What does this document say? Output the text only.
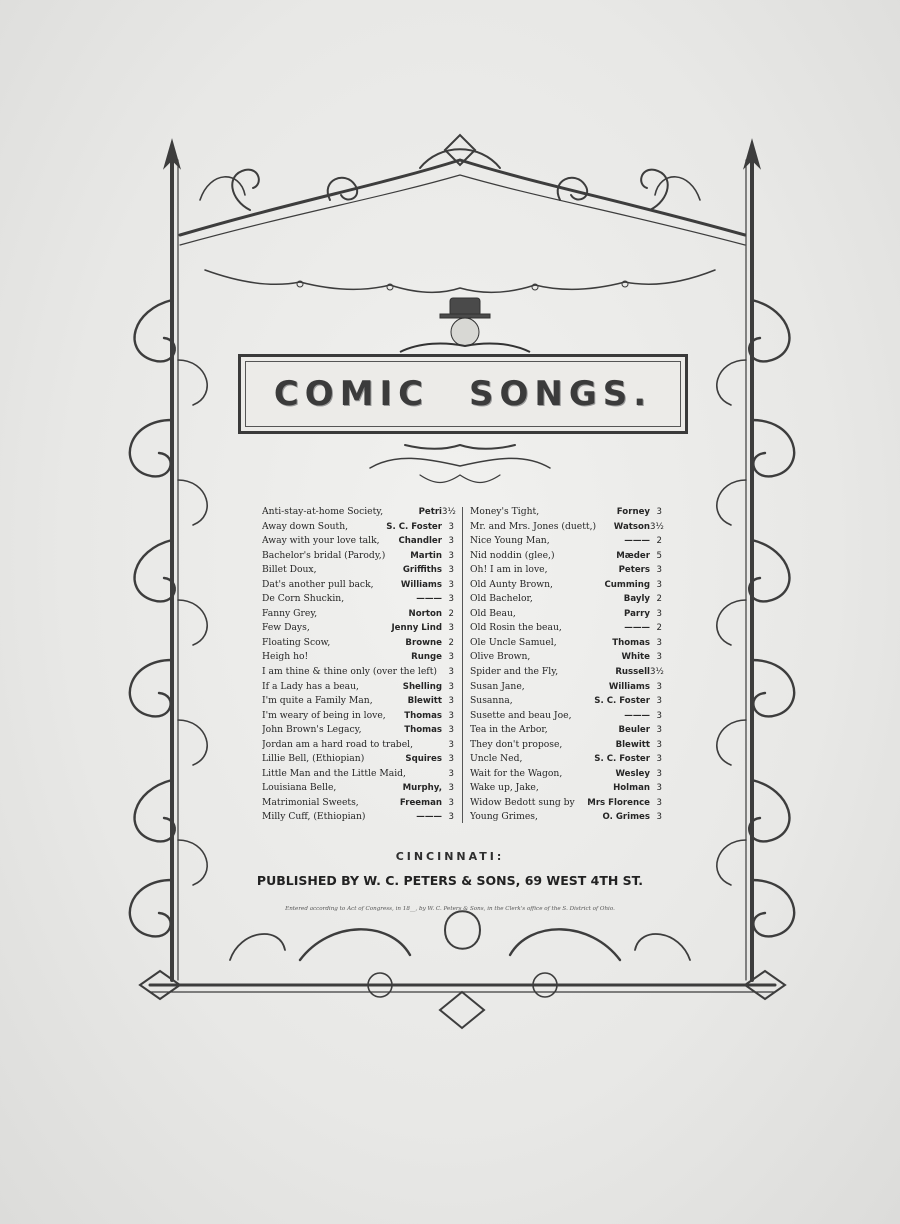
COMIC SONGS.
Anti-stay-at-home Society,	Petri 3½
Away down South,	S. C. Foster 3
Away with your love talk,	Chandler 3
Bachelor's bridal (Parody,)	Martin 3
Billet Doux,	Griffiths 3
Dat's another pull back,	Williams 3
De Corn Shuckin,	——— 3
Fanny Grey,	Norton 2
Few Days,	Jenny Lind 3
Floating Scow,	Browne 2
Heigh ho!	Runge 3
I am thine & thine only (over the left)	3
If a Lady has a beau,	Shelling 3
I'm quite a Family Man,	Blewitt 3
I'm weary of being in love,	Thomas 3
John Brown's Legacy,	Thomas 3
Jordan am a hard road to trabel,	3
Lillie Bell, (Ethiopian)	Squires 3
Little Man and the Little Maid,	3
Louisiana Belle,	Murphy, 3
Matrimonial Sweets,	Freeman 3
Milly Cuff, (Ethiopian)	——— 3
Money's Tight,	Forney 3
Mr. and Mrs. Jones (duett,)	Watson 3½
Nice Young Man,	——— 2
Nid noddin (glee,)	Mæder 5
Oh! I am in love,	Peters 3
Old Aunty Brown,	Cumming 3
Old Bachelor,	Bayly 2
Old Beau,	Parry 3
Old Rosin the beau,	——— 2
Ole Uncle Samuel,	Thomas 3
Olive Brown,	White 3
Spider and the Fly,	Russell 3½
Susan Jane,	Williams 3
Susanna,	S. C. Foster 3
Susette and beau Joe,	——— 3
Tea in the Arbor,	Beuler 3
They don't propose,	Blewitt 3
Uncle Ned,	S. C. Foster 3
Wait for the Wagon,	Wesley 3
Wake up, Jake,	Holman 3
Widow Bedott sung by	Mrs Florence 3
Young Grimes,	O. Grimes 3
CINCINNATI:
PUBLISHED BY W. C. PETERS & SONS, 69 WEST 4TH ST.
Entered according to Act of Congress, in 18__, by W. C. Peters & Sons, in the Clerk's office of the S. District of Ohio.
